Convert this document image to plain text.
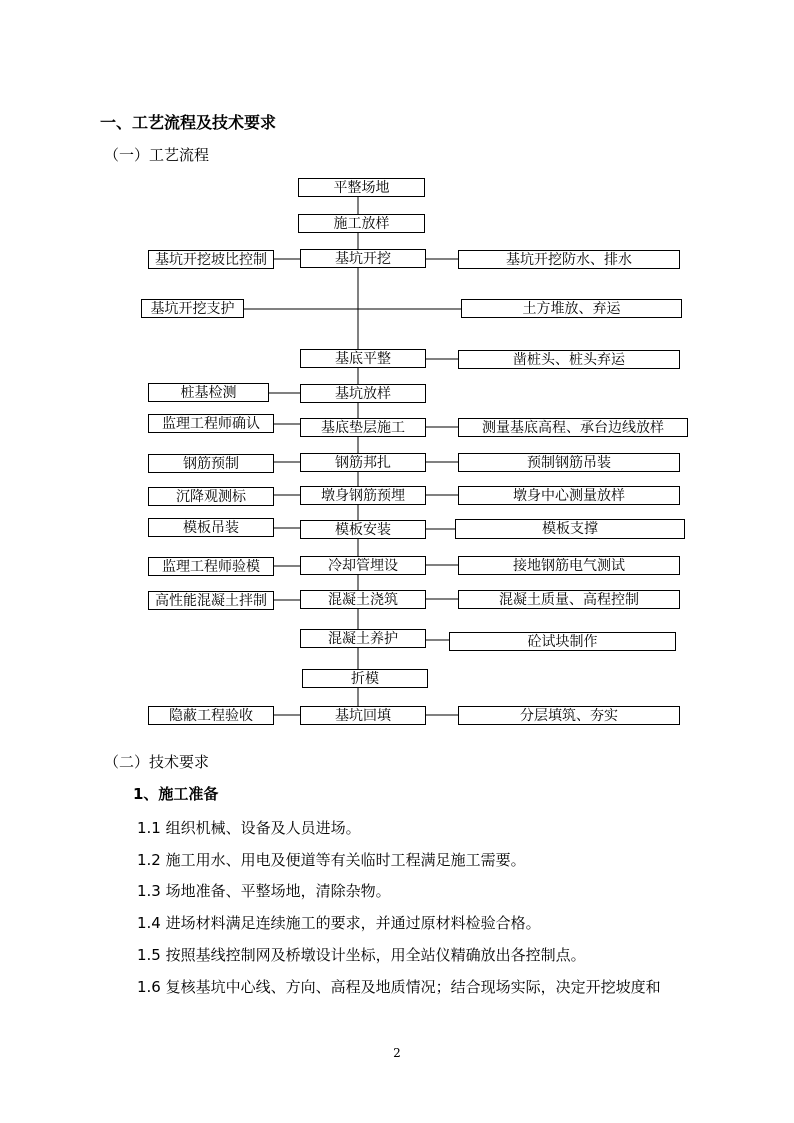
一、工艺流程及技术要求
（一）工艺流程
平整场地
施工放样
基坑开挖
基底平整
基坑放样
基底垫层施工
钢筋邦扎
墩身钢筋预埋
模板安装
冷却管埋设
混凝土浇筑
混凝土养护
折模
基坑回填
基坑开挖坡比控制
基坑开挖支护
桩基检测
监理工程师确认
钢筋预制
沉降观测标
模板吊装
监理工程师验模
高性能混凝土拌制
隐蔽工程验收
基坑开挖防水、排水
土方堆放、弃运
凿桩头、桩头弃运
测量基底高程、承台边线放样
预制钢筋吊装
墩身中心测量放样
模板支撑
接地钢筋电气测试
混凝土质量、高程控制
砼试块制作
分层填筑、夯实
（二）技术要求
1、施工准备
1.1 组织机械、设备及人员进场。
1.2 施工用水、用电及便道等有关临时工程满足施工需要。
1.3 场地准备、平整场地，清除杂物。
1.4 进场材料满足连续施工的要求，并通过原材料检验合格。
1.5 按照基线控制网及桥墩设计坐标，用全站仪精确放出各控制点。
1.6 复核基坑中心线、方向、高程及地质情况；结合现场实际，决定开挖坡度和
2
